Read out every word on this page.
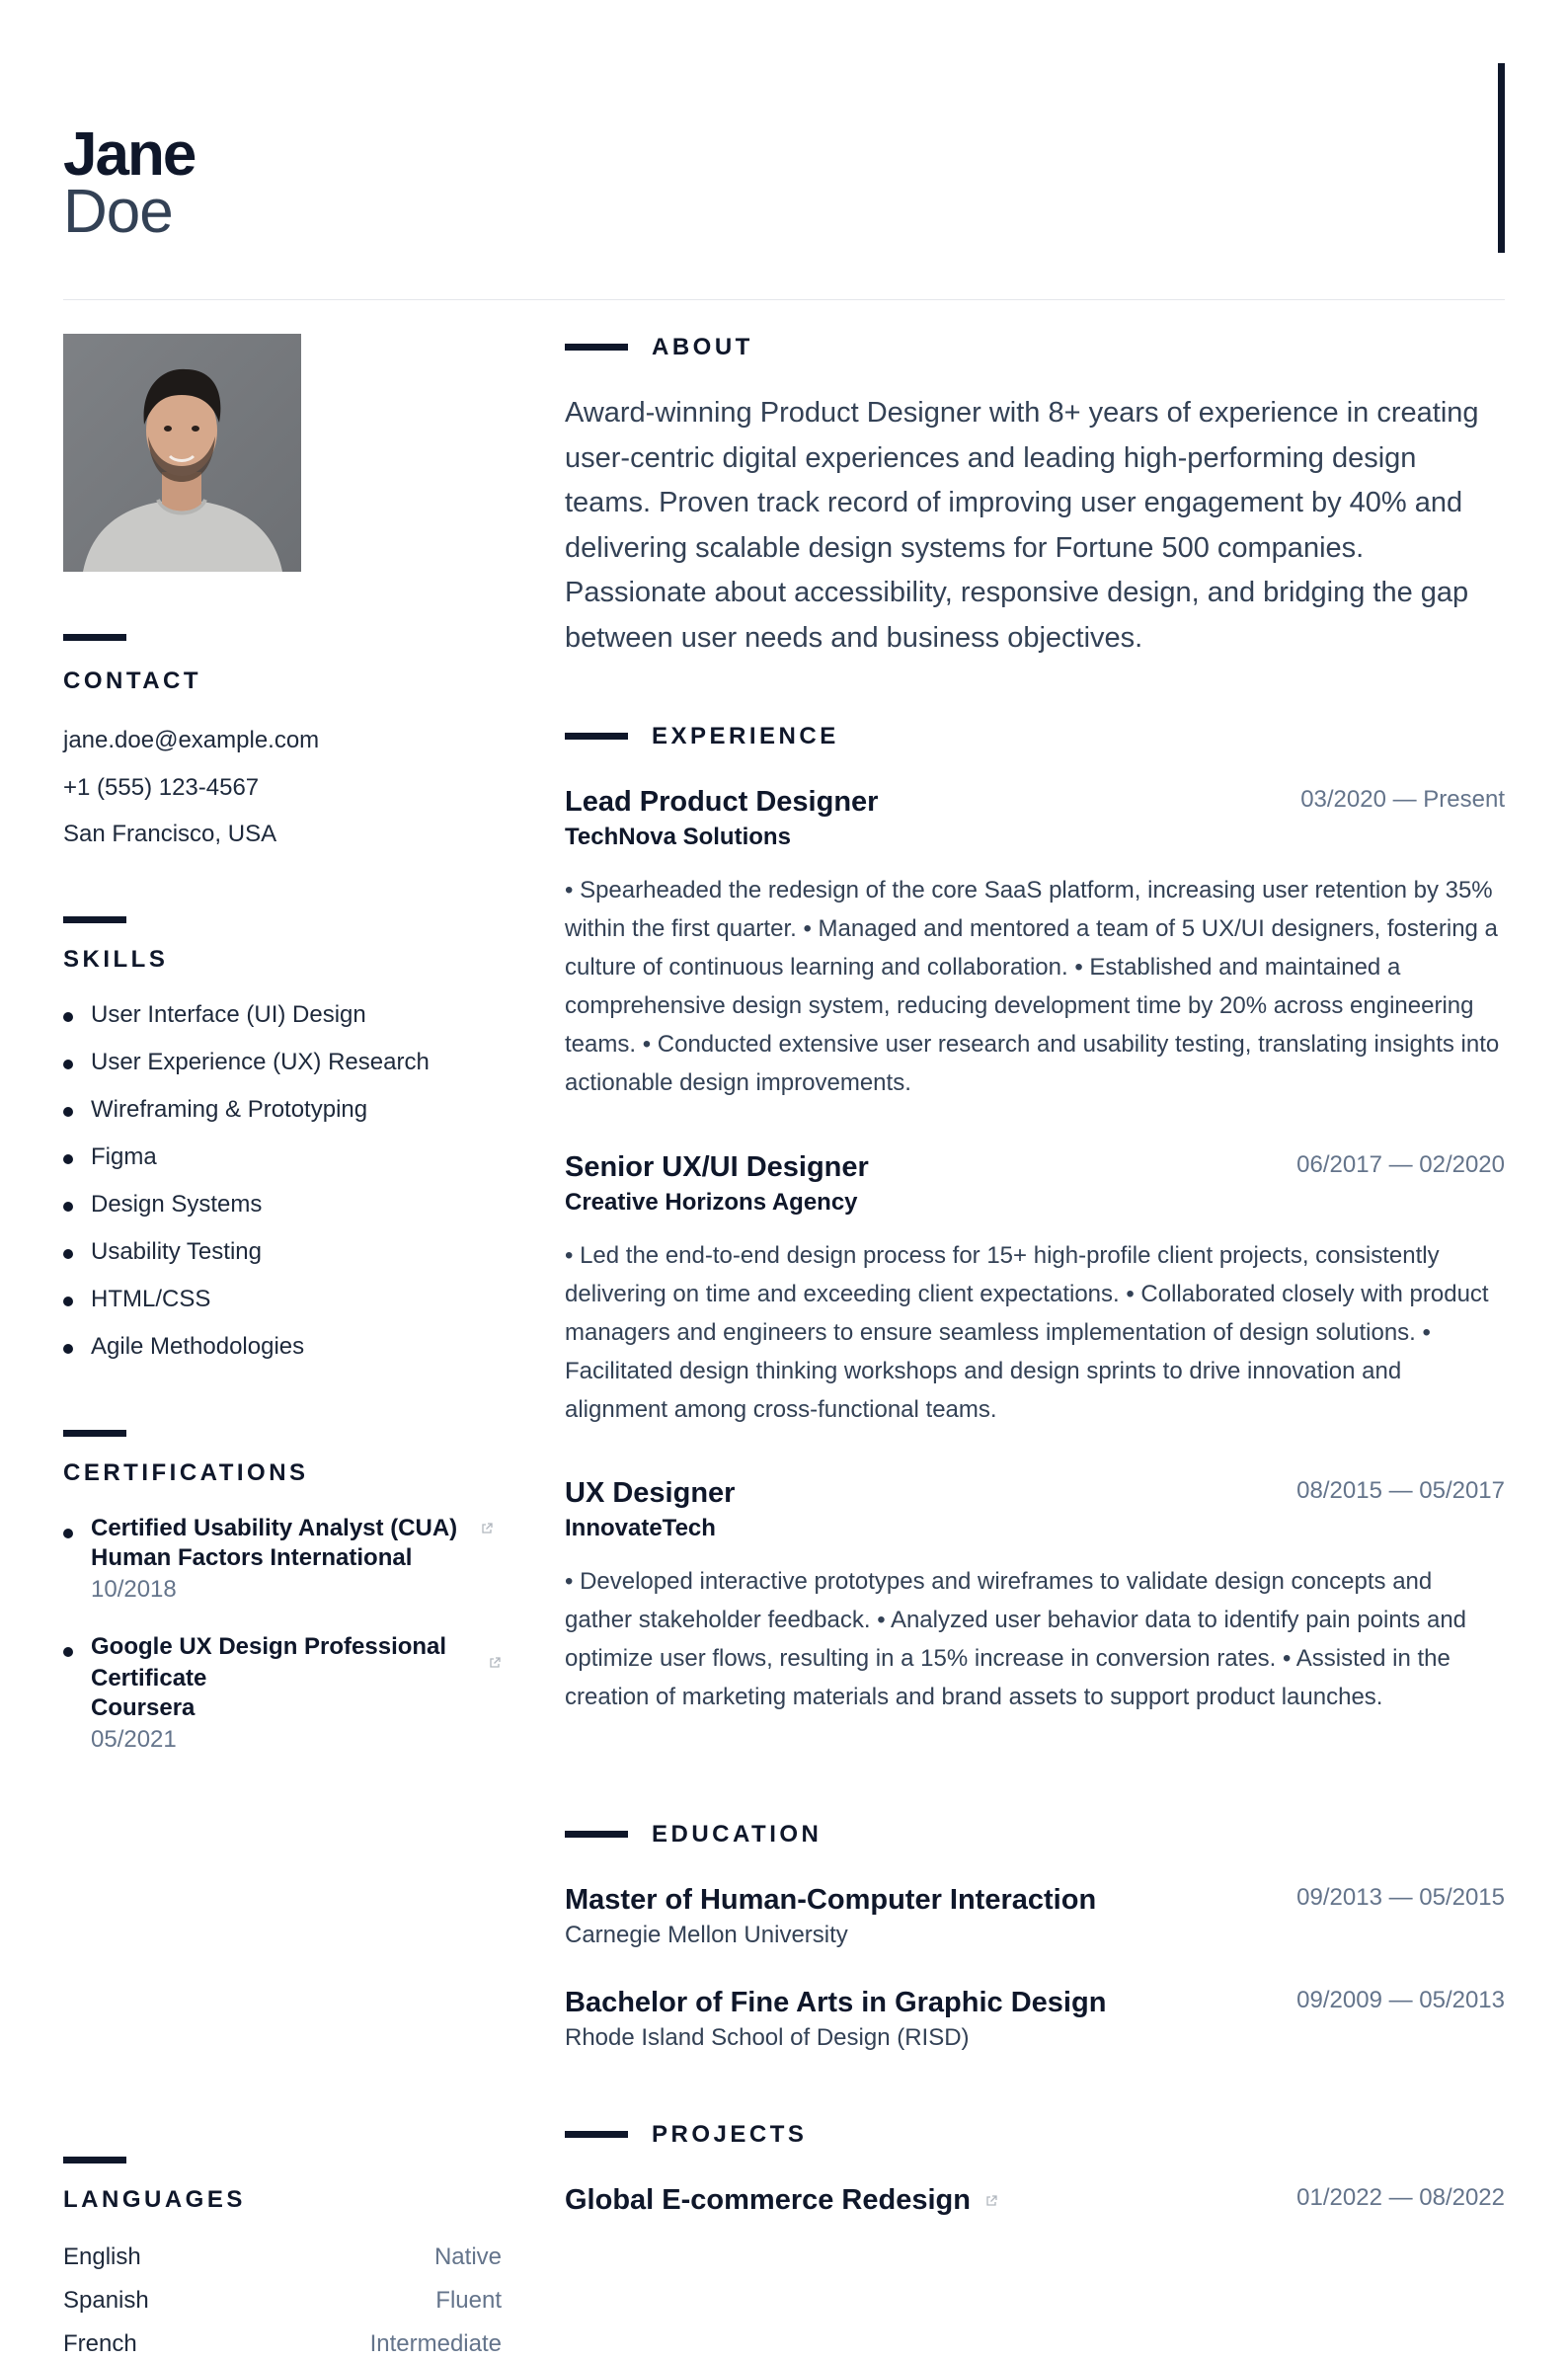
Jane
Doe
CONTACT
jane.doe@example.com
+1 (555) 123-4567
San Francisco, USA
SKILLS
User Interface (UI) Design
User Experience (UX) Research
Wireframing & Prototyping
Figma
Design Systems
Usability Testing
HTML/CSS
Agile Methodologies
CERTIFICATIONS
Certified Usability Analyst (CUA)
Human Factors International
10/2018
Google UX Design Professional Certificate
Coursera
05/2021
LANGUAGES
English	Native
Spanish	Fluent
French	Intermediate
ABOUT
Award-winning Product Designer with 8+ years of experience in creating user-centric digital experiences and leading high-performing design teams. Proven track record of improving user engagement by 40% and delivering scalable design systems for Fortune 500 companies. Passionate about accessibility, responsive design, and bridging the gap between user needs and business objectives.
EXPERIENCE
Lead Product Designer	03/2020 — Present
TechNova Solutions
• Spearheaded the redesign of the core SaaS platform, increasing user retention by 35% within the first quarter. • Managed and mentored a team of 5 UX/UI designers, fostering a culture of continuous learning and collaboration. • Established and maintained a comprehensive design system, reducing development time by 20% across engineering teams. • Conducted extensive user research and usability testing, translating insights into actionable design improvements.
Senior UX/UI Designer	06/2017 — 02/2020
Creative Horizons Agency
• Led the end-to-end design process for 15+ high-profile client projects, consistently delivering on time and exceeding client expectations. • Collaborated closely with product managers and engineers to ensure seamless implementation of design solutions. • Facilitated design thinking workshops and design sprints to drive innovation and alignment among cross-functional teams.
UX Designer	08/2015 — 05/2017
InnovateTech
• Developed interactive prototypes and wireframes to validate design concepts and gather stakeholder feedback. • Analyzed user behavior data to identify pain points and optimize user flows, resulting in a 15% increase in conversion rates. • Assisted in the creation of marketing materials and brand assets to support product launches.
EDUCATION
Master of Human-Computer Interaction	09/2013 — 05/2015
Carnegie Mellon University
Bachelor of Fine Arts in Graphic Design	09/2009 — 05/2013
Rhode Island School of Design (RISD)
PROJECTS
Global E-commerce Redesign	01/2022 — 08/2022
